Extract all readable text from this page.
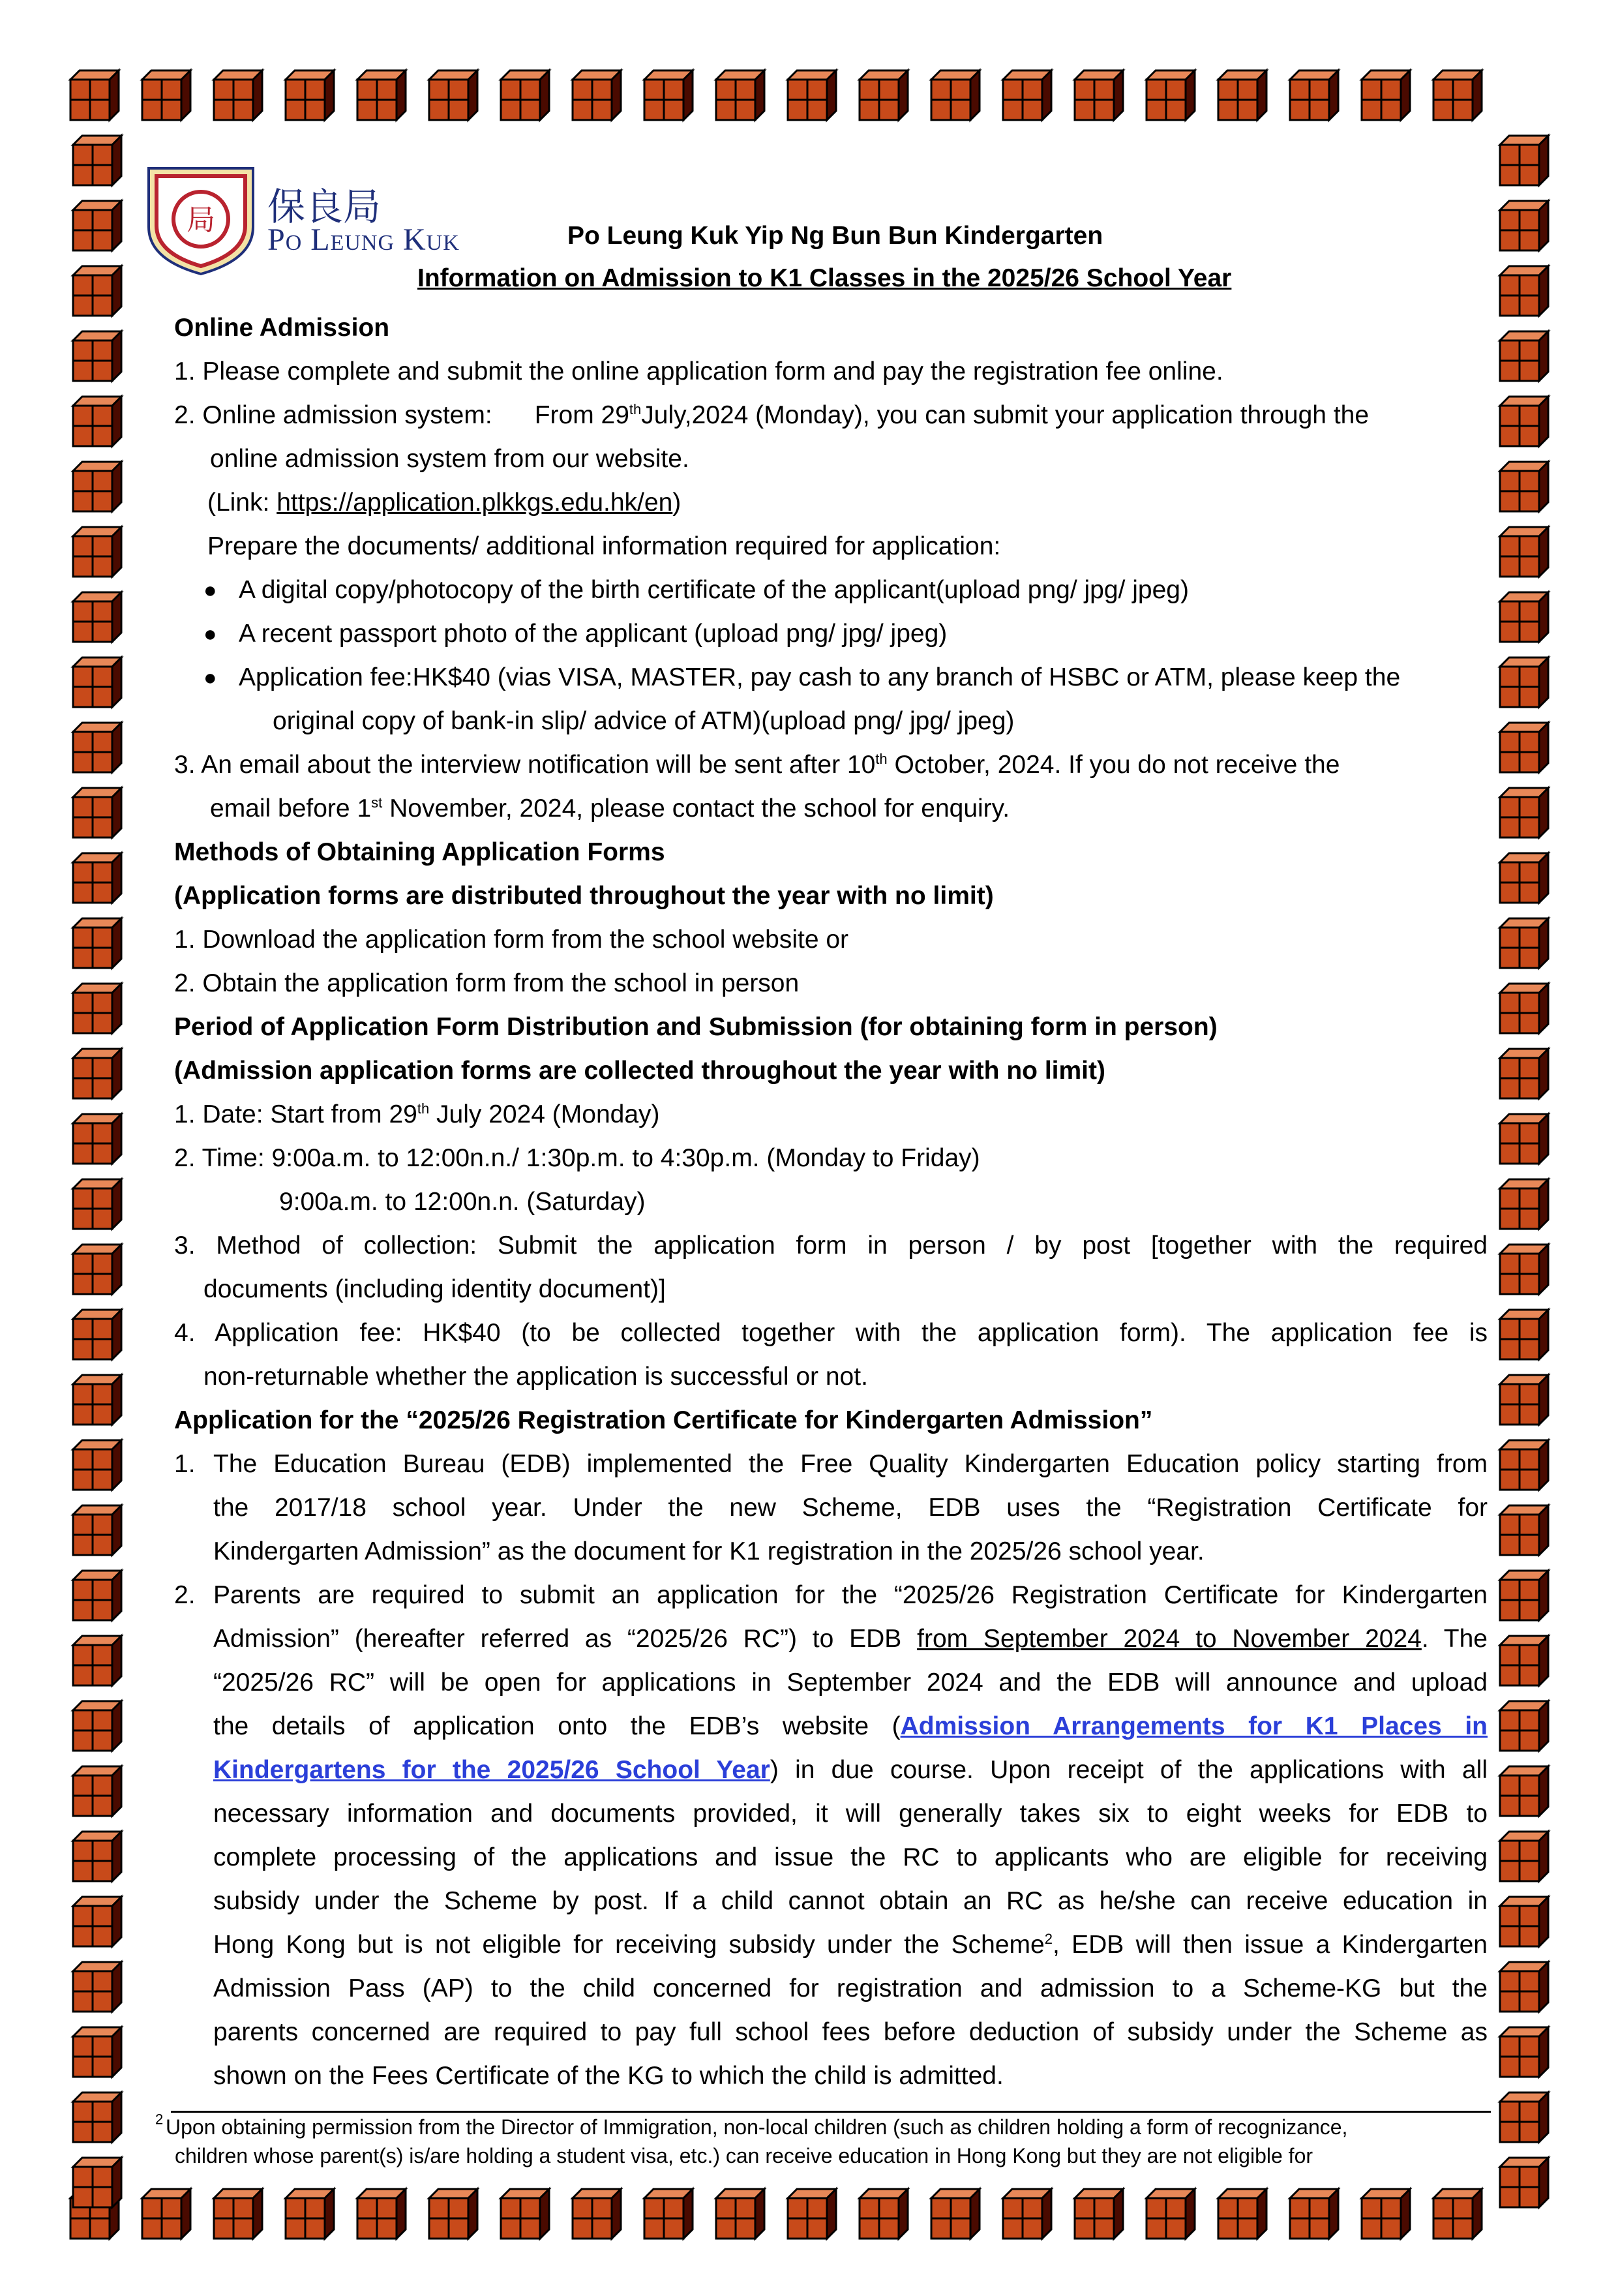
局 保良局
Po Leung Kuk	Po Leung Kuk Yip Ng Bun Bun Kindergarten
Information on Admission to K1 Classes in the 2025/26 School Year
Online Admission
1. Please complete and submit the online application form and pay the registration fee online.
2. Online admission system: From 29thJuly,2024 (Monday), you can submit your application through the
online admission system from our website.
(Link: https://application.plkkgs.edu.hk/en)
Prepare the documents/ additional information required for application:
● A digital copy/photocopy of the birth certificate of the applicant(upload png/ jpg/ jpeg)
● A recent passport photo of the applicant (upload png/ jpg/ jpeg)
● Application fee:HK$40 (vias VISA, MASTER, pay cash to any branch of HSBC or ATM, please keep the
original copy of bank-in slip/ advice of ATM)(upload png/ jpg/ jpeg)
3. An email about the interview notification will be sent after 10th October, 2024. If you do not receive the
email before 1st November, 2024, please contact the school for enquiry.
Methods of Obtaining Application Forms
(Application forms are distributed throughout the year with no limit)
1. Download the application form from the school website or
2. Obtain the application form from the school in person
Period of Application Form Distribution and Submission (for obtaining form in person)
(Admission application forms are collected throughout the year with no limit)
1. Date: Start from 29th July 2024 (Monday)
2. Time: 9:00a.m. to 12:00n.n./ 1:30p.m. to 4:30p.m. (Monday to Friday)
9:00a.m. to 12:00n.n. (Saturday)
3. Method of collection: Submit the application form in person / by post [together with the required
documents (including identity document)]
4. Application fee: HK$40 (to be collected together with the application form). The application fee is
non-returnable whether the application is successful or not.
Application for the “2025/26 Registration Certificate for Kindergarten Admission”
1. The Education Bureau (EDB) implemented the Free Quality Kindergarten Education policy starting from
the 2017/18 school year. Under the new Scheme, EDB uses the “Registration Certificate for
Kindergarten Admission” as the document for K1 registration in the 2025/26 school year.
2. Parents are required to submit an application for the “2025/26 Registration Certificate for Kindergarten
Admission” (hereafter referred as “2025/26 RC”) to EDB from September 2024 to November 2024. The
“2025/26 RC” will be open for applications in September 2024 and the EDB will announce and upload
the details of application onto the EDB’s website (Admission Arrangements for K1 Places in
Kindergartens for the 2025/26 School Year) in due course. Upon receipt of the applications with all
necessary information and documents provided, it will generally takes six to eight weeks for EDB to
complete processing of the applications and issue the RC to applicants who are eligible for receiving
subsidy under the Scheme by post. If a child cannot obtain an RC as he/she can receive education in
Hong Kong but is not eligible for receiving subsidy under the Scheme$^2$, EDB will then issue a Kindergarten
Admission Pass (AP) to the child concerned for registration and admission to a Scheme-KG but the
parents concerned are required to pay full school fees before deduction of subsidy under the Scheme as
shown on the Fees Certificate of the KG to which the child is admitted.
$^2$ Upon obtaining permission from the Director of Immigration, non-local children (such as children holding a form of recognizance,
children whose parent(s) is/are holding a student visa, etc.) can receive education in Hong Kong but they are not eligible for
